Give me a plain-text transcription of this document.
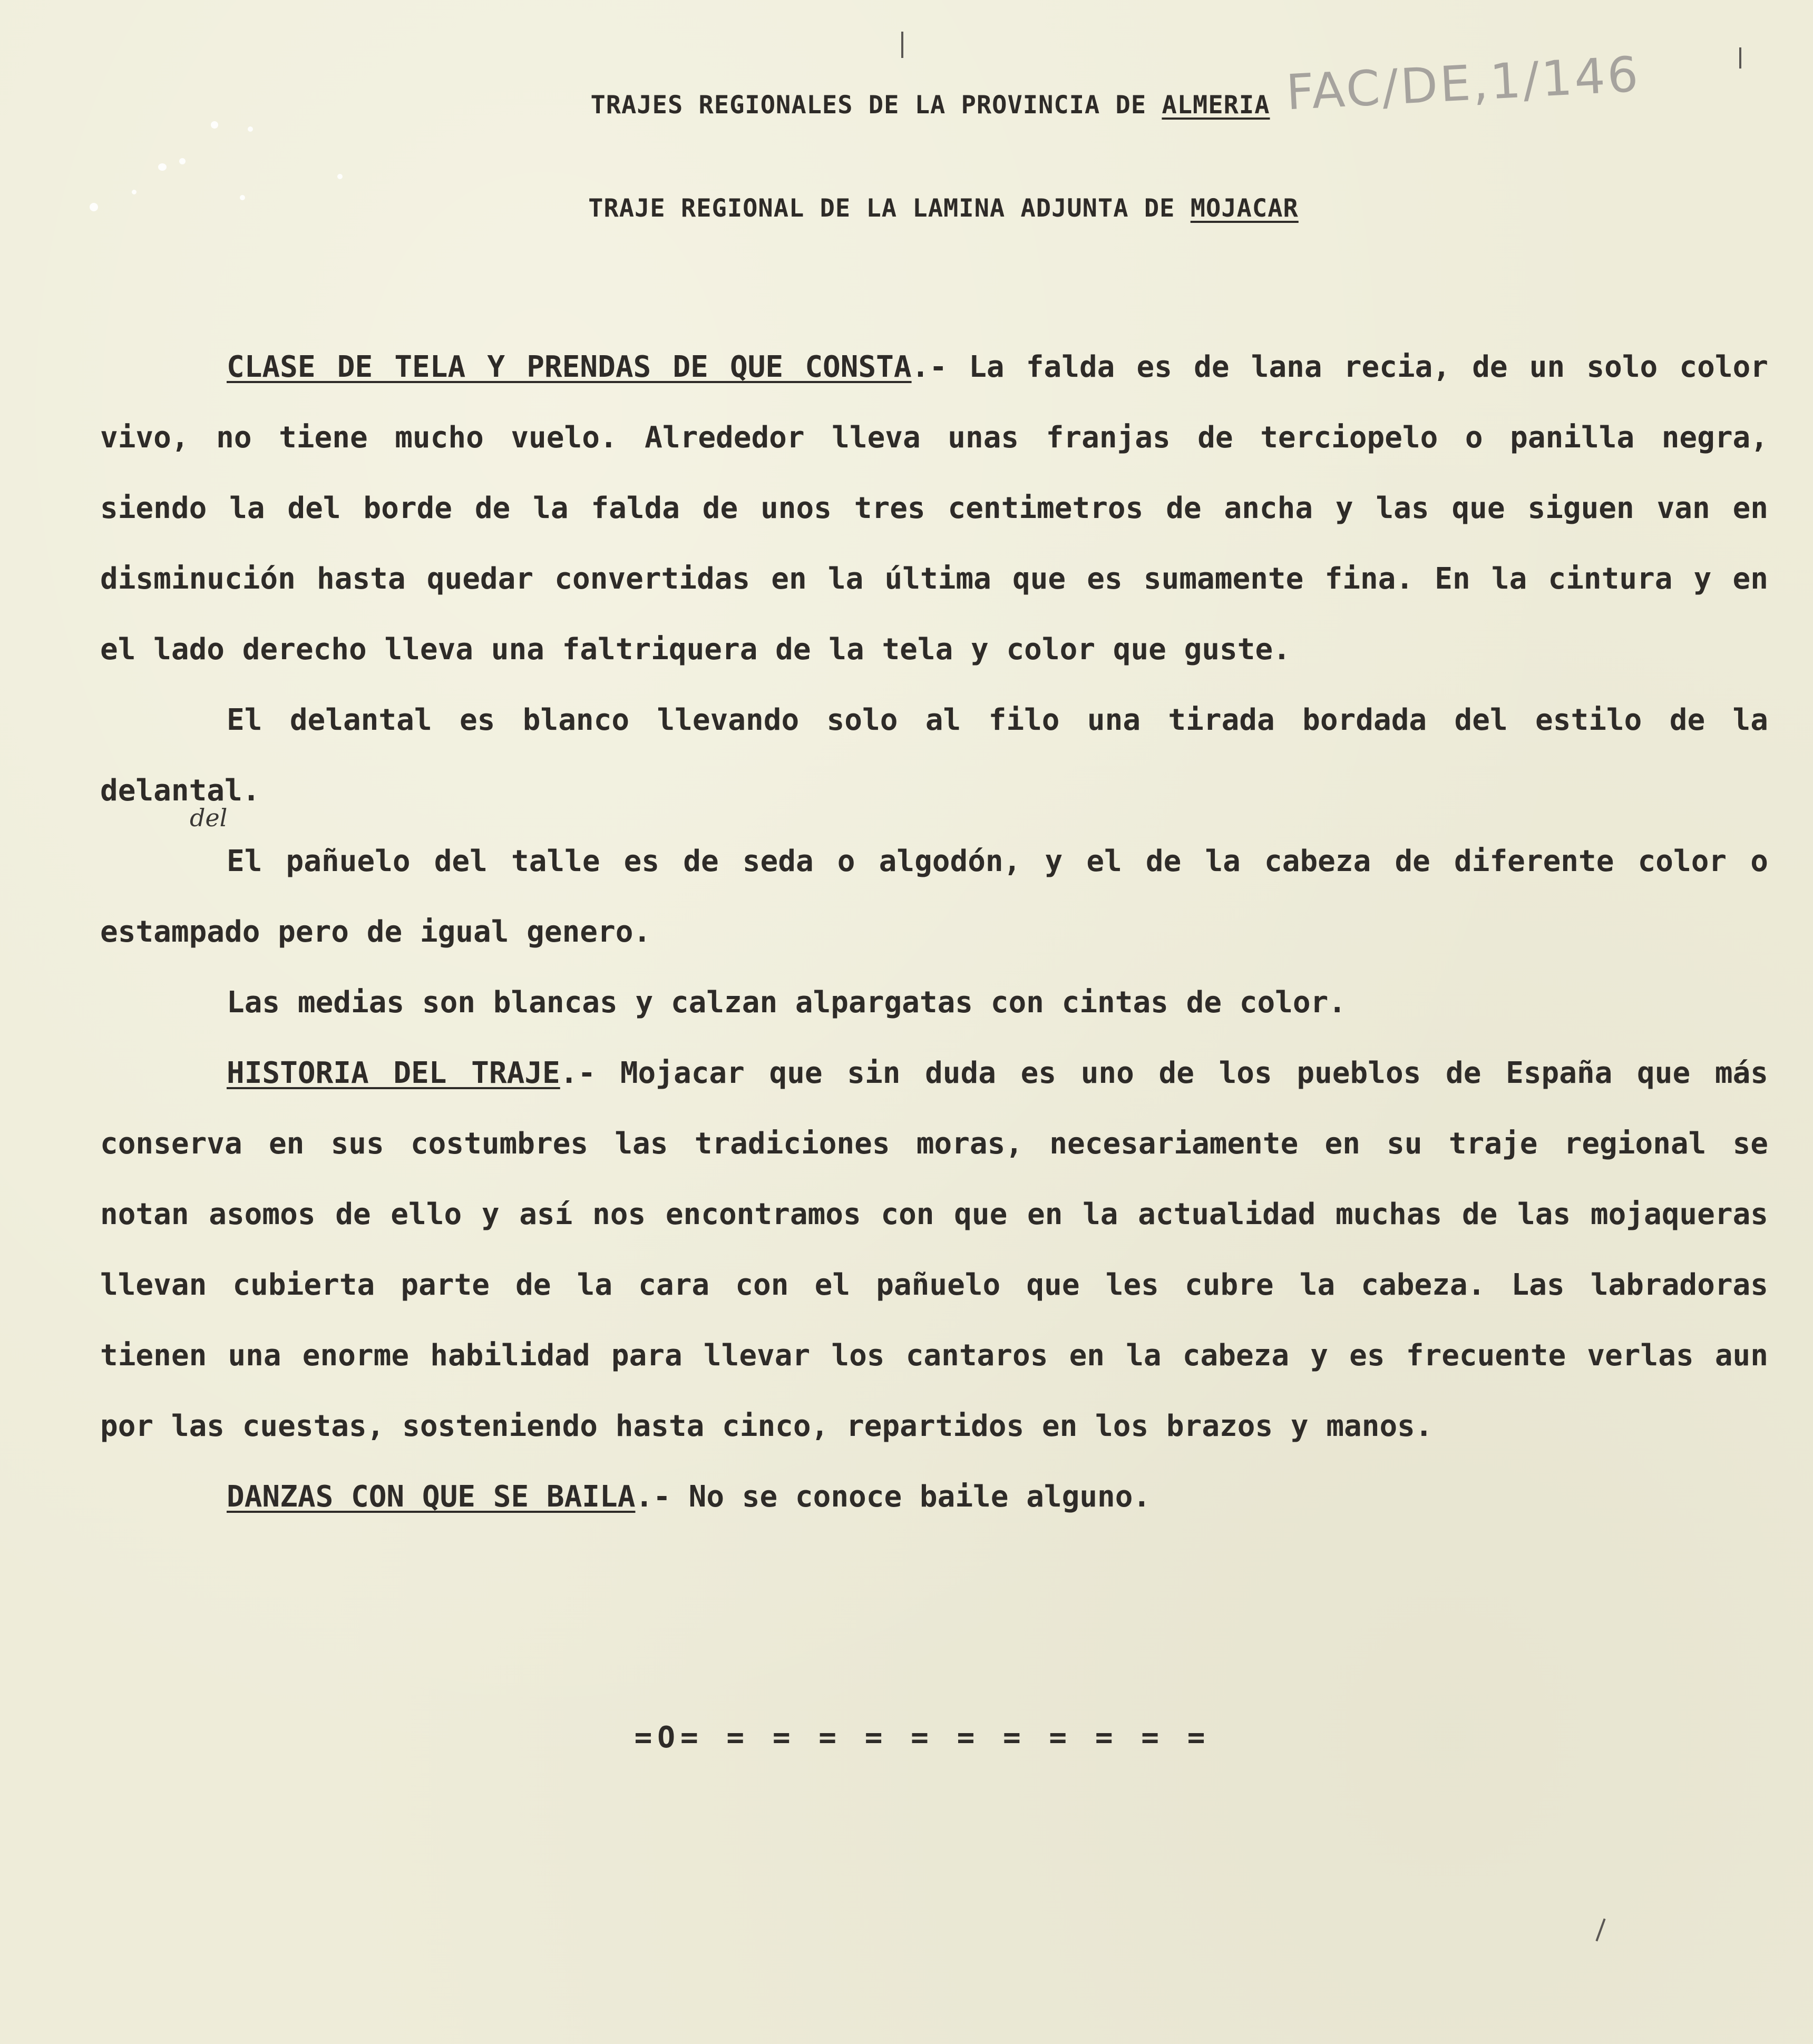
FAC/DE,1/146
TRAJES REGIONALES DE LA PROVINCIA DE ALMERIA
TRAJE REGIONAL DE LA LAMINA ADJUNTA DE MOJACAR

CLASE DE TELA Y PRENDAS DE QUE CONSTA.- La falda es de lana recia, de un solo color vivo, no tiene mucho vuelo. Alrededor lleva unas franjas de terciopelo o panilla negra, siendo la del borde de la falda de unos tres centimetros de ancha y las que siguen van en disminución hasta quedar convertidas en la última que es sumamente fina. En la cintura y en el lado derecho lleva una faltriquera de la tela y color que guste.

El delantal es blanco llevando solo al filo una tirada bordada del estilo de la delantal.

El pañuelo del talle es de seda o algodón, y el de la cabeza de diferente color o estampado pero de igual genero.

Las medias son blancas y calzan alpargatas con cintas de color.

HISTORIA DEL TRAJE.- Mojacar que sin duda es uno de los pueblos de España que más conserva en sus costumbres las tradiciones moras, necesariamente en su traje regional se notan asomos de ello y así nos encontramos con que en la actualidad muchas de las mojaqueras llevan cubierta parte de la cara con el pañuelo que les cubre la cabeza. Las labradoras tienen una enorme habilidad para llevar los cantaros en la cabeza y es frecuente verlas aun por las cuestas, sosteniendo hasta cinco, repartidos en los brazos y manos.

DANZAS CON QUE SE BAILA.- No se conoce baile alguno.

del
=O= = = = = = = = = = = =
